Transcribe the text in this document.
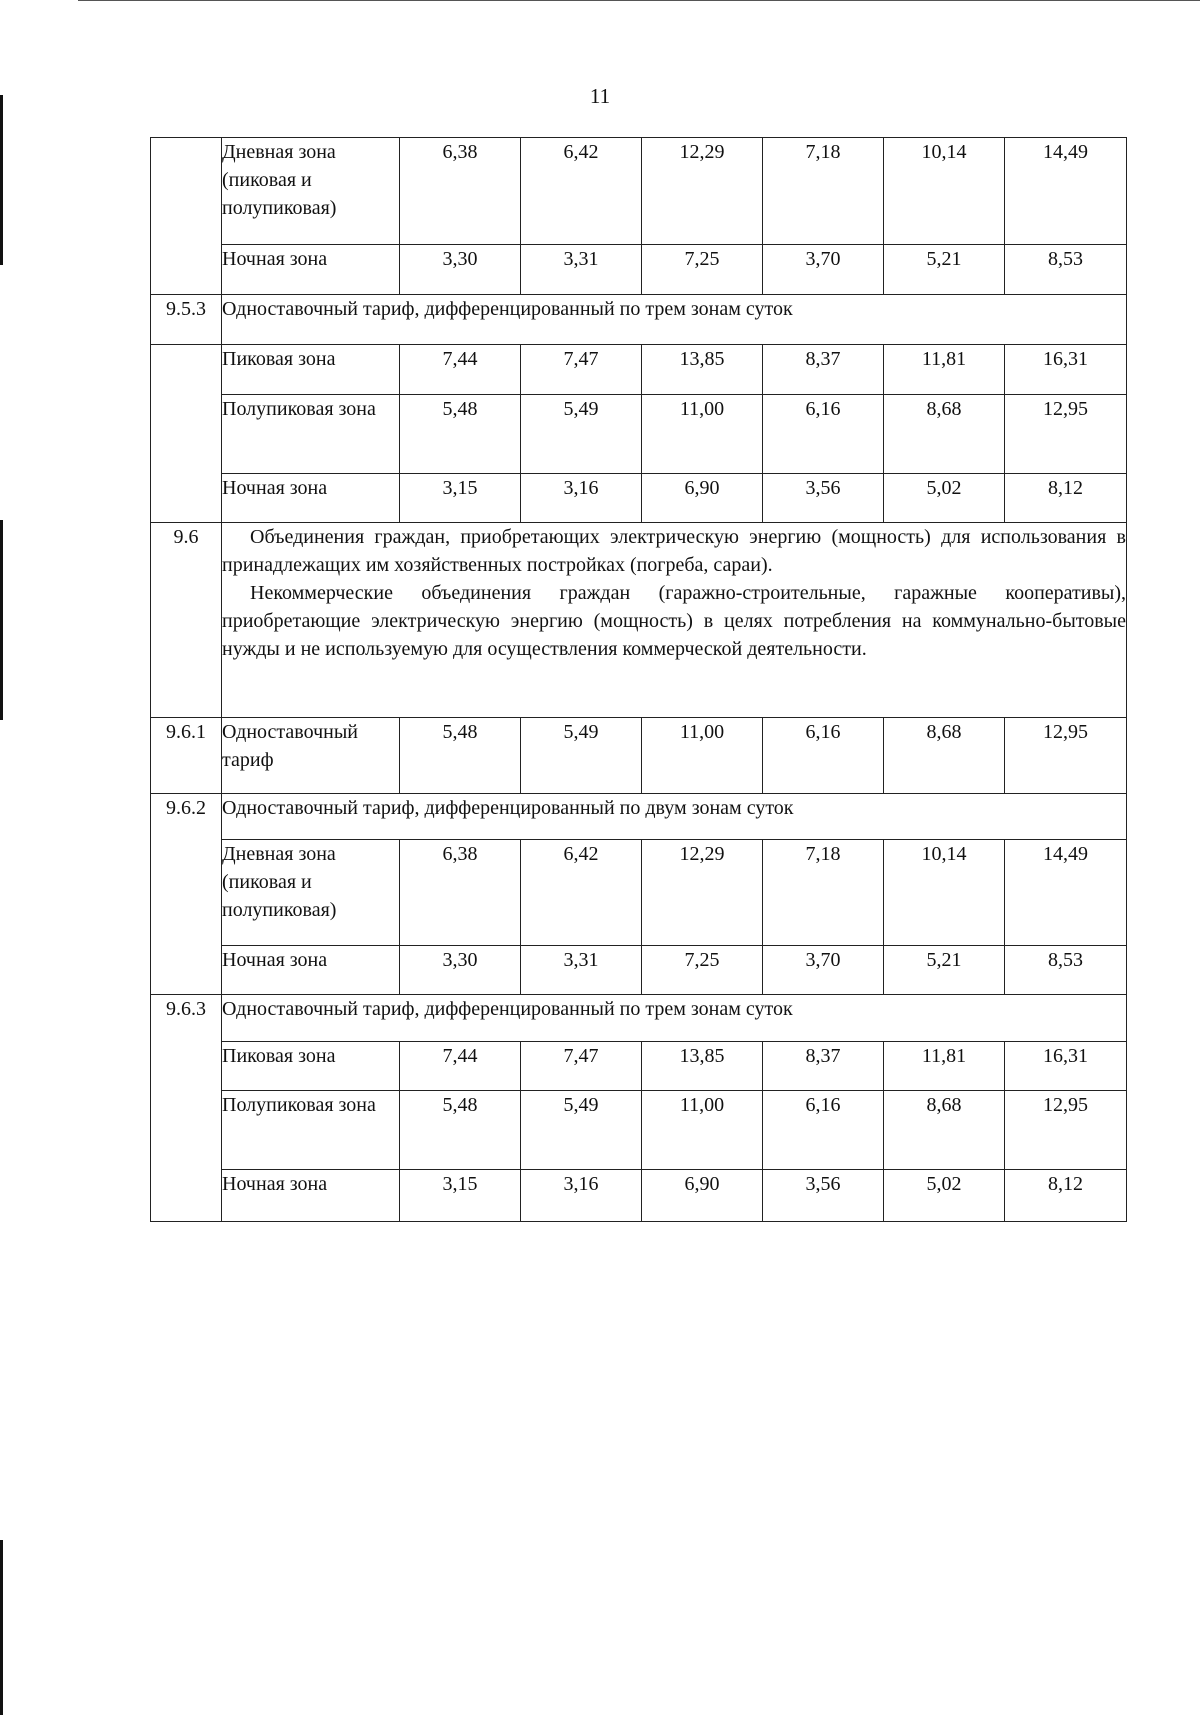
11
	Дневная зона (пиковая и полупиковая)	6,38	6,42	12,29	7,18	10,14	14,49
	Ночная зона	3,30	3,31	7,25	3,70	5,21	8,53
9.5.3	Одноставочный тариф, дифференцированный по трем зонам суток						
	Пиковая зона	7,44	7,47	13,85	8,37	11,81	16,31
	Полупиковая зона	5,48	5,49	11,00	6,16	8,68	12,95
	Ночная зона	3,15	3,16	6,90	3,56	5,02	8,12
9.6	Объединения граждан, приобретающих электрическую энергию (мощность) для использования в принадлежащих им хозяйственных постройках (погреба, сараи).

Некоммерческие объединения граждан (гаражно-строительные, гаражные кооперативы), приобретающие электрическую энергию (мощность) в целях потребления на коммунально-бытовые нужды и не используемую для осуществления коммерческой деятельности.						

9.6.1	Одноставочный тариф	5,48	5,49	11,00	6,16	8,68	12,95
9.6.2	Одноставочный тариф, дифференцированный по двум зонам суток						
	Дневная зона (пиковая и полупиковая)	6,38	6,42	12,29	7,18	10,14	14,49
	Ночная зона	3,30	3,31	7,25	3,70	5,21	8,53
9.6.3	Одноставочный тариф, дифференцированный по трем зонам суток						
	Пиковая зона	7,44	7,47	13,85	8,37	11,81	16,31
	Полупиковая зона	5,48	5,49	11,00	6,16	8,68	12,95
	Ночная зона	3,15	3,16	6,90	3,56	5,02	8,12
